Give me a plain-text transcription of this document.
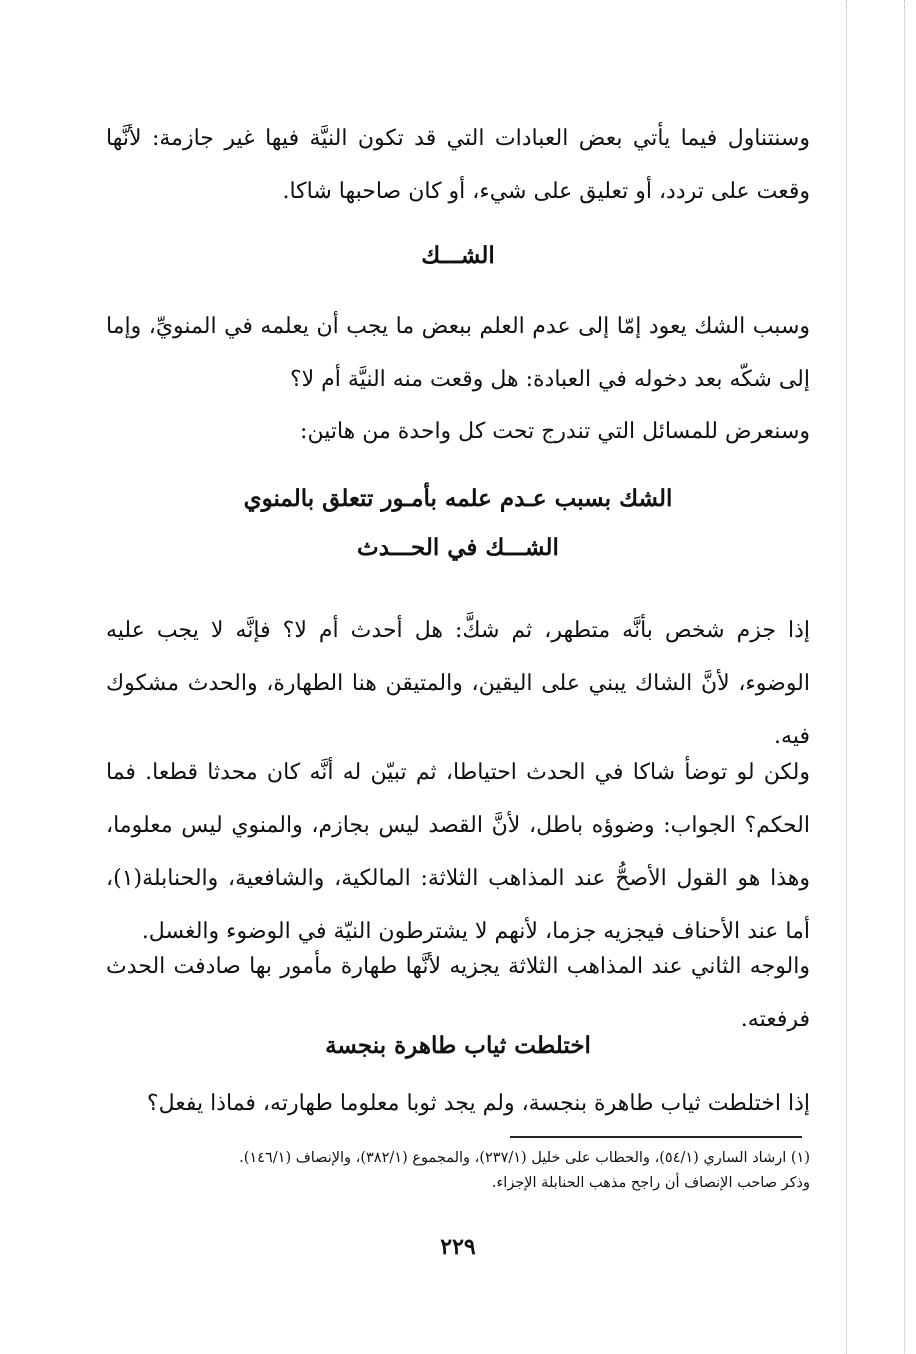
وسنتناول فيما يأتي بعض العبادات التي قد تكون النيَّة فيها غير جازمة: لأنَّها وقعت على تردد، أو تعليق على شيء، أو كان صاحبها شاكا.

الشـــك

وسبب الشك يعود إمّا إلى عدم العلم ببعض ما يجب أن يعلمه في المنويِّ، وإما إلى شكّه بعد دخوله في العبادة: هل وقعت منه النيَّة أم لا؟

وسنعرض للمسائل التي تندرج تحت كل واحدة من هاتين:

الشك بسبب عـدم علمه بأمـور تتعلق بالمنوي
الشـــك في الحـــدث

إذا جزم شخص بأنَّه متطهر، ثم شكَّ: هل أحدث أم لا؟ فإنَّه لا يجب عليه الوضوء، لأنَّ الشاك يبني على اليقين، والمتيقن هنا الطهارة، والحدث مشكوك فيه.

ولكن لو توضأ شاكا في الحدث احتياطا، ثم تبيّن له أنَّه كان محدثا قطعا. فما الحكم؟ الجواب: وضوؤه باطل، لأنَّ القصد ليس بجازم، والمنوي ليس معلوما، وهذا هو القول الأصحُّ عند المذاهب الثلاثة: المالكية، والشافعية، والحنابلة(١)، أما عند الأحناف فيجزيه جزما، لأنهم لا يشترطون النيّة في الوضوء والغسل.

والوجه الثاني عند المذاهب الثلاثة يجزيه لأنَّها طهارة مأمور بها صادفت الحدث فرفعته.

اختلطت ثياب طاهرة بنجسة

إذا اختلطت ثياب طاهرة بنجسة، ولم يجد ثوبا معلوما طهارته، فماذا يفعل؟

(١) ارشاد الساري (٥٤/١)، والحطاب على خليل (٢٣٧/١)، والمجموع (٣٨٢/١)، والإنصاف (١٤٦/١).

وذكر صاحب الإنصاف أن راجح مذهب الحنابلة الإجزاء.

٢٢٩
